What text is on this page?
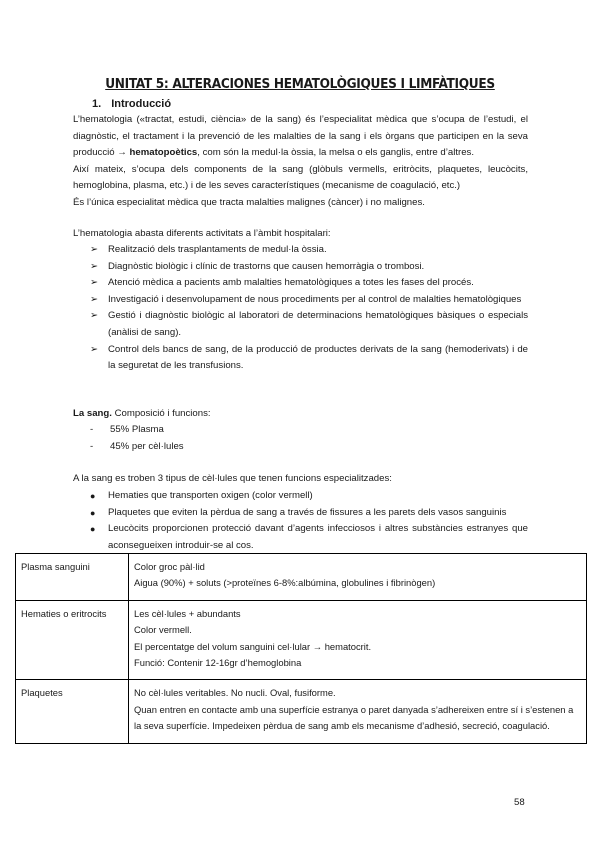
UNITAT 5: ALTERACIONES HEMATOLÒGIQUES I LIMFÀTIQUES
1. Introducció
L’hematologia («tractat, estudi, ciència» de la sang) és l’especialitat mèdica que s’ocupa de l’estudi, el diagnòstic, el tractament i la prevenció de les malalties de la sang i els òrgans que participen en la seva producció → hematopoètics, com són la medul·la òssia, la melsa o els ganglis, entre d’altres.
Així mateix, s’ocupa dels components de la sang (glòbuls vermells, eritròcits, plaquetes, leucòcits, hemoglobina, plasma, etc.) i de les seves característiques (mecanisme de coagulació, etc.)
És l’única especialitat mèdica que tracta malalties malignes (càncer) i no malignes.
L’hematologia abasta diferents activitats a l’àmbit hospitalari:
➢ Realització dels trasplantaments de medul·la òssia.
➢ Diagnòstic biològic i clínic de trastorns que causen hemorràgia o trombosi.
➢ Atenció mèdica a pacients amb malalties hematològiques a totes les fases del procés.
➢ Investigació i desenvolupament de nous procediments per al control de malalties hematològiques
➢ Gestió i diagnòstic biològic al laboratori de determinacions hematològiques bàsiques o especials (anàlisi de sang).
➢ Control dels bancs de sang, de la producció de productes derivats de la sang (hemoderivats) i de la seguretat de les transfusions.
La sang. Composició i funcions:
- 55% Plasma
- 45% per cèl·lules
A la sang es troben 3 tipus de cèl·lules que tenen funcions especialitzades:
● Hematies que transporten oxigen (color vermell)
● Plaquetes que eviten la pèrdua de sang a través de fissures a les parets dels vasos sanguinis
● Leucòcits proporcionen protecció davant d’agents infecciosos i altres substàncies estranyes que aconsegueixen introduir-se al cos.
Plasma sanguini	Color groc pàl·lid
Aigua (90%) + soluts (>proteïnes 6-8%:albúmina, globulines i fibrinògen)

Hematies o eritrocits	Les cèl·lules + abundants
Color vermell.
El percentatge del volum sanguini cel·lular → hematocrit.
Funció: Contenir 12-16gr d’hemoglobina

Plaquetes	No cèl·lules veritables. No nucli. Oval, fusiforme.
Quan entren en contacte amb una superfície estranya o paret danyada s’adhereixen entre sí i s’estenen a la seva superfície. Impedeixen pèrdua de sang amb els mecanisme d’adhesió, secreció, coagulació.
58
